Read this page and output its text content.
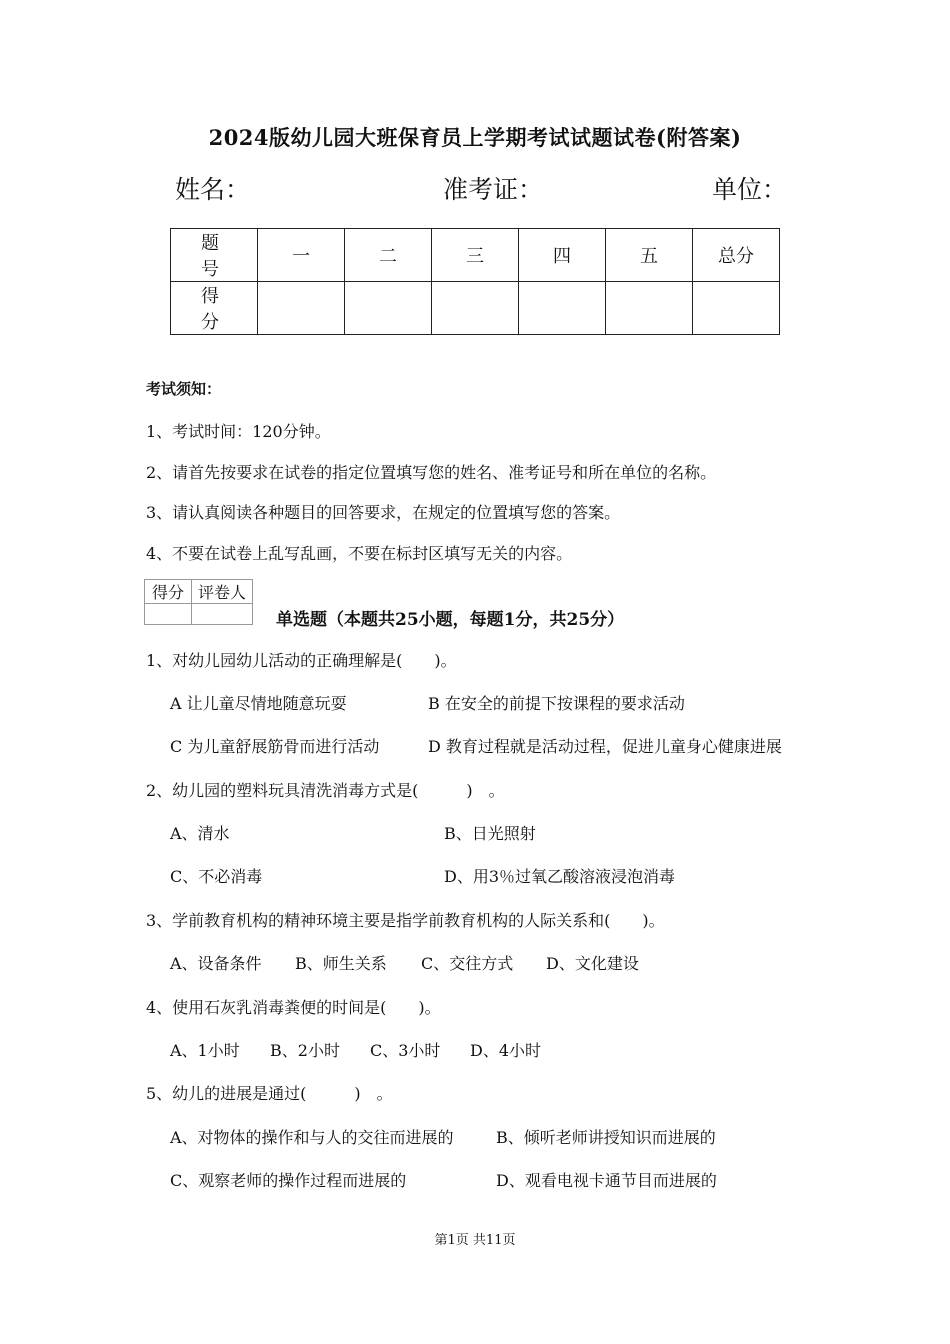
2024版幼儿园大班保育员上学期考试试题试卷(附答案)
姓名：	准考证：	单位：
题　号	一	二	三	四	五	总分
得　分						
考试须知：
1、考试时间：120分钟。
2、请首先按要求在试卷的指定位置填写您的姓名、准考证号和所在单位的名称。
3、请认真阅读各种题目的回答要求，在规定的位置填写您的答案。
4、不要在试卷上乱写乱画，不要在标封区填写无关的内容。
得分	评卷人

单选题（本题共25小题，每题1分，共25分）
1、对幼儿园幼儿活动的正确理解是(　　)。
A 让儿童尽情地随意玩耍	B 在安全的前提下按课程的要求活动
C 为儿童舒展筋骨而进行活动	D 教育过程就是活动过程，促进儿童身心健康进展
2、幼儿园的塑料玩具清洗消毒方式是(　　　)　。
A、清水	B、日光照射
C、不必消毒	D、用3％过氧乙酸溶液浸泡消毒
3、学前教育机构的精神环境主要是指学前教育机构的人际关系和(　　)。
A、设备条件 B、师生关系 C、交往方式 D、文化建设
4、使用石灰乳消毒粪便的时间是(　　)。
A、1小时 B、2小时 C、3小时 D、4小时
5、幼儿的进展是通过(　　　)　。
A、对物体的操作和与人的交往而进展的	B、倾听老师讲授知识而进展的
C、观察老师的操作过程而进展的	D、观看电视卡通节目而进展的
第1页 共11页
